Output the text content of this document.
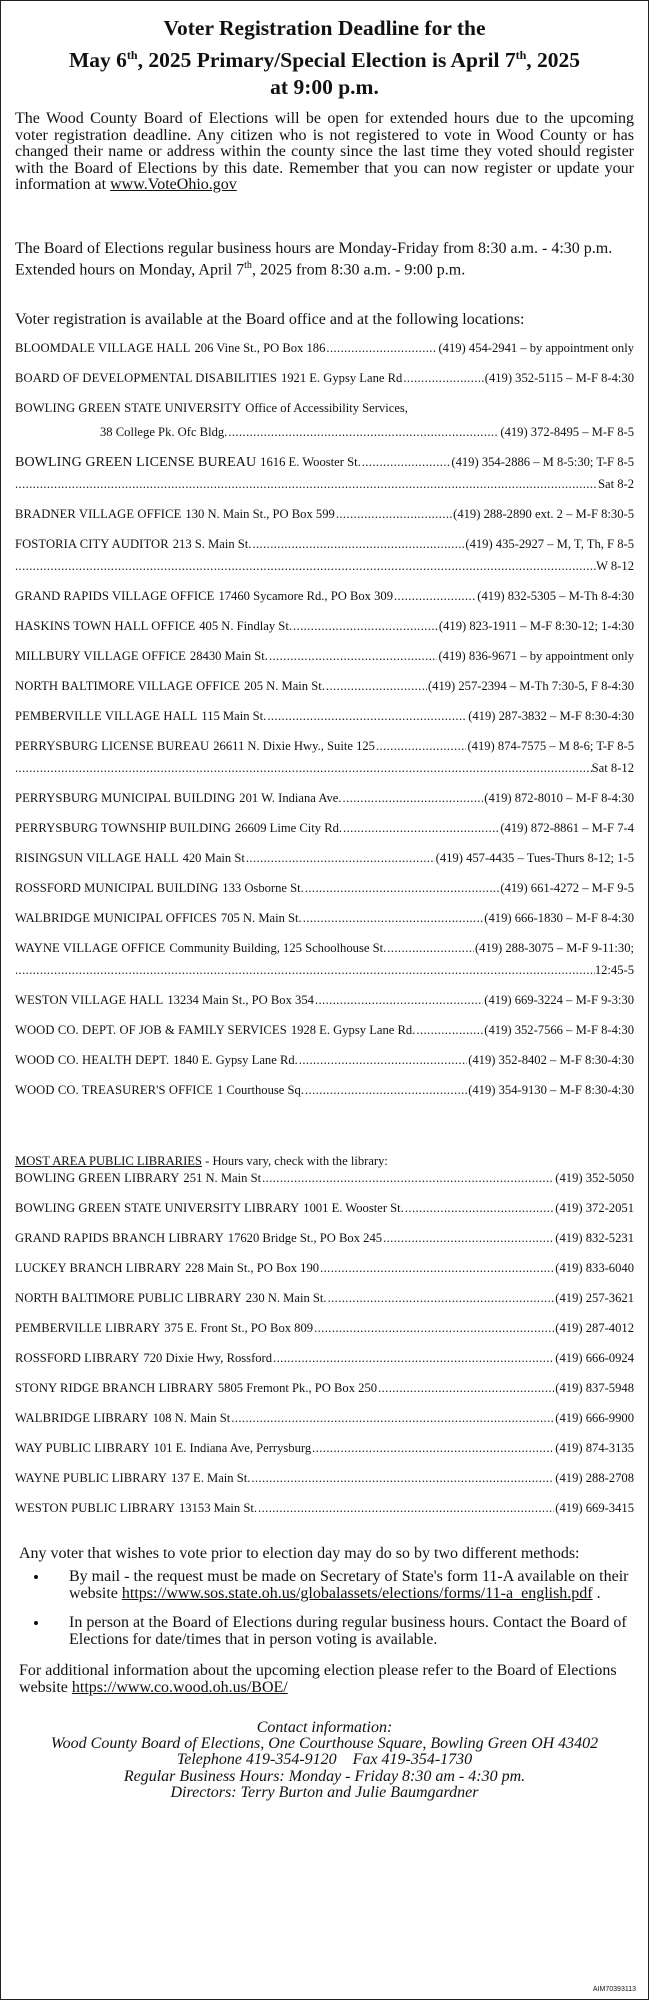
Voter Registration Deadline for the
May 6th, 2025 Primary/Special Election is April 7th, 2025
at 9:00 p.m.
The Wood County Board of Elections will be open for extended hours due to the upcoming voter registration deadline. Any citizen who is not registered to vote in Wood County or has changed their name or address within the county since the last time they voted should register with the Board of Elections by this date. Remember that you can now register or update your information at www.VoteOhio.gov
The Board of Elections regular business hours are Monday-Friday from 8:30 a.m. - 4:30 p.m. Extended hours on Monday, April 7th, 2025 from 8:30 a.m. - 9:00 p.m.
Voter registration is available at the Board office and at the following locations:
BLOOMDALE VILLAGE HALL 206 Vine St., PO Box 186 .....	(419) 454-2941 – by appointment only
BOARD OF DEVELOPMENTAL DISABILITIES 1921 E. Gypsy Lane Rd .....	(419) 352-5115 – M-F 8-4:30
BOWLING GREEN STATE UNIVERSITY Office of Accessibility Services,
38 College Pk. Ofc Bldg. .....	(419) 372-8495 – M-F 8-5
BOWLING GREEN LICENSE BUREAU 1616 E. Wooster St. .....	(419) 354-2886 – M 8-5:30; T-F 8-5
.....
Sat 8-2
BRADNER VILLAGE OFFICE 130 N. Main St., PO Box 599 .....	(419) 288-2890 ext. 2 – M-F 8:30-5
FOSTORIA CITY AUDITOR 213 S. Main St. .....	(419) 435-2927 – M, T, Th, F 8-5
.....
W 8-12
GRAND RAPIDS VILLAGE OFFICE 17460 Sycamore Rd., PO Box 309 .....	(419) 832-5305 – M-Th 8-4:30
HASKINS TOWN HALL OFFICE 405 N. Findlay St. .....	(419) 823-1911 – M-F 8:30-12; 1-4:30
MILLBURY VILLAGE OFFICE 28430 Main St. .....	(419) 836-9671 – by appointment only
NORTH BALTIMORE VILLAGE OFFICE 205 N. Main St. .....	(419) 257-2394 – M-Th 7:30-5, F 8-4:30
PEMBERVILLE VILLAGE HALL 115 Main St. .....	(419) 287-3832 – M-F 8:30-4:30
PERRYSBURG LICENSE BUREAU 26611 N. Dixie Hwy., Suite 125 .....	(419) 874-7575 – M 8-6; T-F 8-5
.....
Sat 8-12
PERRYSBURG MUNICIPAL BUILDING 201 W. Indiana Ave. .....	(419) 872-8010 – M-F 8-4:30
PERRYSBURG TOWNSHIP BUILDING 26609 Lime City Rd. .....	(419) 872-8861 – M-F 7-4
RISINGSUN VILLAGE HALL 420 Main St .....	(419) 457-4435 – Tues-Thurs 8-12; 1-5
ROSSFORD MUNICIPAL BUILDING 133 Osborne St. .....	(419) 661-4272 – M-F 9-5
WALBRIDGE MUNICIPAL OFFICES 705 N. Main St. .....	(419) 666-1830 – M-F 8-4:30
WAYNE VILLAGE OFFICE Community Building, 125 Schoolhouse St. .....	(419) 288-3075 – M-F 9-11:30;
.....
12:45-5
WESTON VILLAGE HALL 13234 Main St., PO Box 354 .....	(419) 669-3224 – M-F 9-3:30
WOOD CO. DEPT. OF JOB & FAMILY SERVICES 1928 E. Gypsy Lane Rd. .....	(419) 352-7566 – M-F 8-4:30
WOOD CO. HEALTH DEPT. 1840 E. Gypsy Lane Rd. .....	(419) 352-8402 – M-F 8:30-4:30
WOOD CO. TREASURER'S OFFICE 1 Courthouse Sq. .....	(419) 354-9130 – M-F 8:30-4:30
MOST AREA PUBLIC LIBRARIES - Hours vary, check with the library:
BOWLING GREEN LIBRARY 251 N. Main St .....	(419) 352-5050
BOWLING GREEN STATE UNIVERSITY LIBRARY 1001 E. Wooster St. .....	(419) 372-2051
GRAND RAPIDS BRANCH LIBRARY 17620 Bridge St., PO Box 245 .....	(419) 832-5231
LUCKEY BRANCH LIBRARY 228 Main St., PO Box 190 .....	(419) 833-6040
NORTH BALTIMORE PUBLIC LIBRARY 230 N. Main St. .....	(419) 257-3621
PEMBERVILLE LIBRARY 375 E. Front St., PO Box 809 .....	(419) 287-4012
ROSSFORD LIBRARY 720 Dixie Hwy, Rossford .....	(419) 666-0924
STONY RIDGE BRANCH LIBRARY 5805 Fremont Pk., PO Box 250 .....	(419) 837-5948
WALBRIDGE LIBRARY 108 N. Main St .....	(419) 666-9900
WAY PUBLIC LIBRARY 101 E. Indiana Ave, Perrysburg .....	(419) 874-3135
WAYNE PUBLIC LIBRARY 137 E. Main St. .....	(419) 288-2708
WESTON PUBLIC LIBRARY 13153 Main St. .....	(419) 669-3415
Any voter that wishes to vote prior to election day may do so by two different methods:
• By mail - the request must be made on Secretary of State's form 11-A available on their website https://www.sos.state.oh.us/globalassets/elections/forms/11-a_english.pdf .
• In person at the Board of Elections during regular business hours. Contact the Board of Elections for date/times that in person voting is available.
For additional information about the upcoming election please refer to the Board of Elections website https://www.co.wood.oh.us/BOE/
Contact information:
Wood County Board of Elections, One Courthouse Square, Bowling Green OH 43402
Telephone 419-354-9120    Fax 419-354-1730
Regular Business Hours: Monday - Friday 8:30 am - 4:30 pm.
Directors: Terry Burton and Julie Baumgardner
AIM70393113
